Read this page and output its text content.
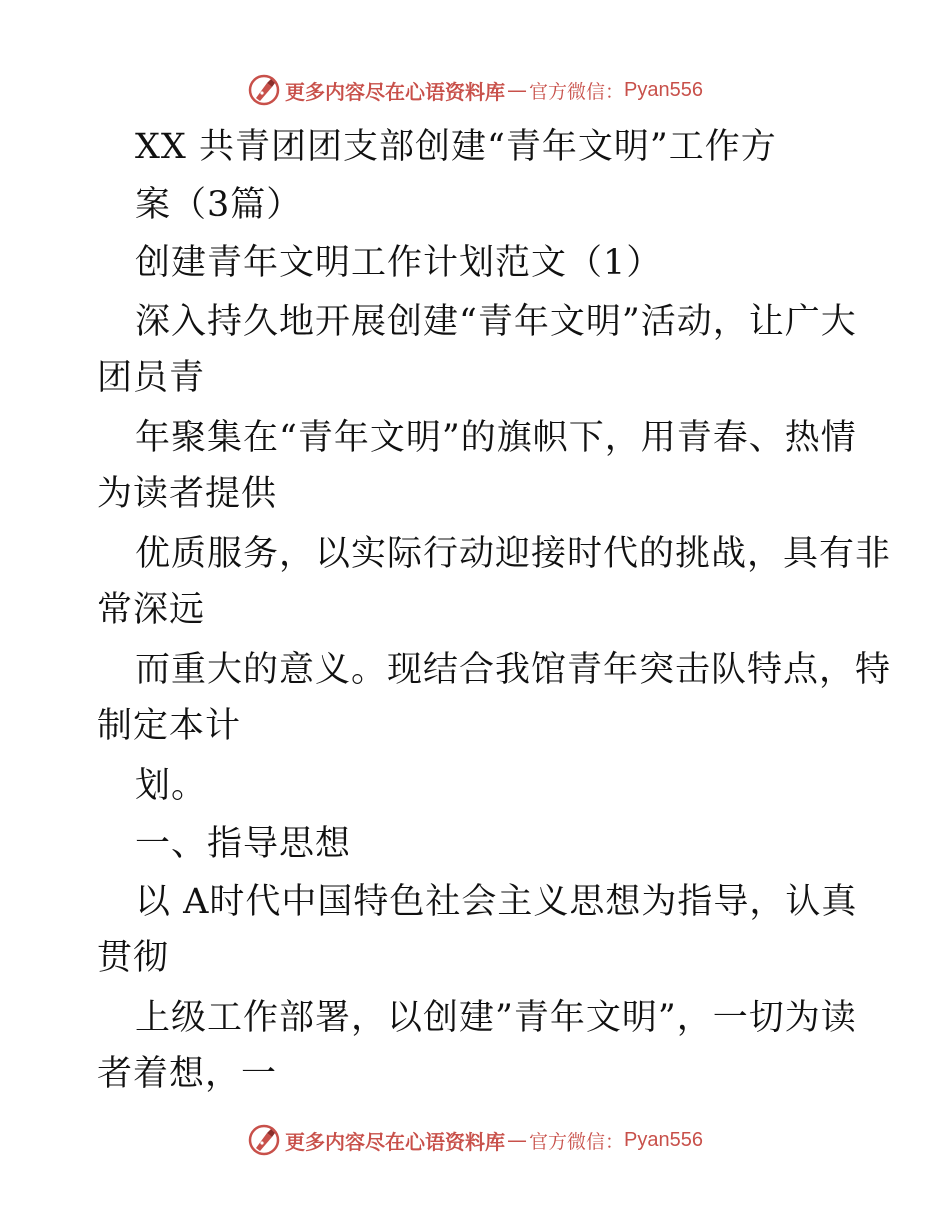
更多内容尽在心语资料库 — 官方微信： Pyan556
XX 共青团团支部创建“青年文明”工作方
案（3篇）
创建青年文明工作计划范文（1）
深入持久地开展创建“青年文明”活动，让广大
团员青
年聚集在“青年文明”的旗帜下，用青春、热情
为读者提供
优质服务，以实际行动迎接时代的挑战，具有非
常深远
而重大的意义。现结合我馆青年突击队特点，特
制定本计
划。
一、指导思想
以 A时代中国特色社会主义思想为指导，认真
贯彻
上级工作部署，以创建”青年文明”，一切为读
者着想，一
更多内容尽在心语资料库 — 官方微信： Pyan556
